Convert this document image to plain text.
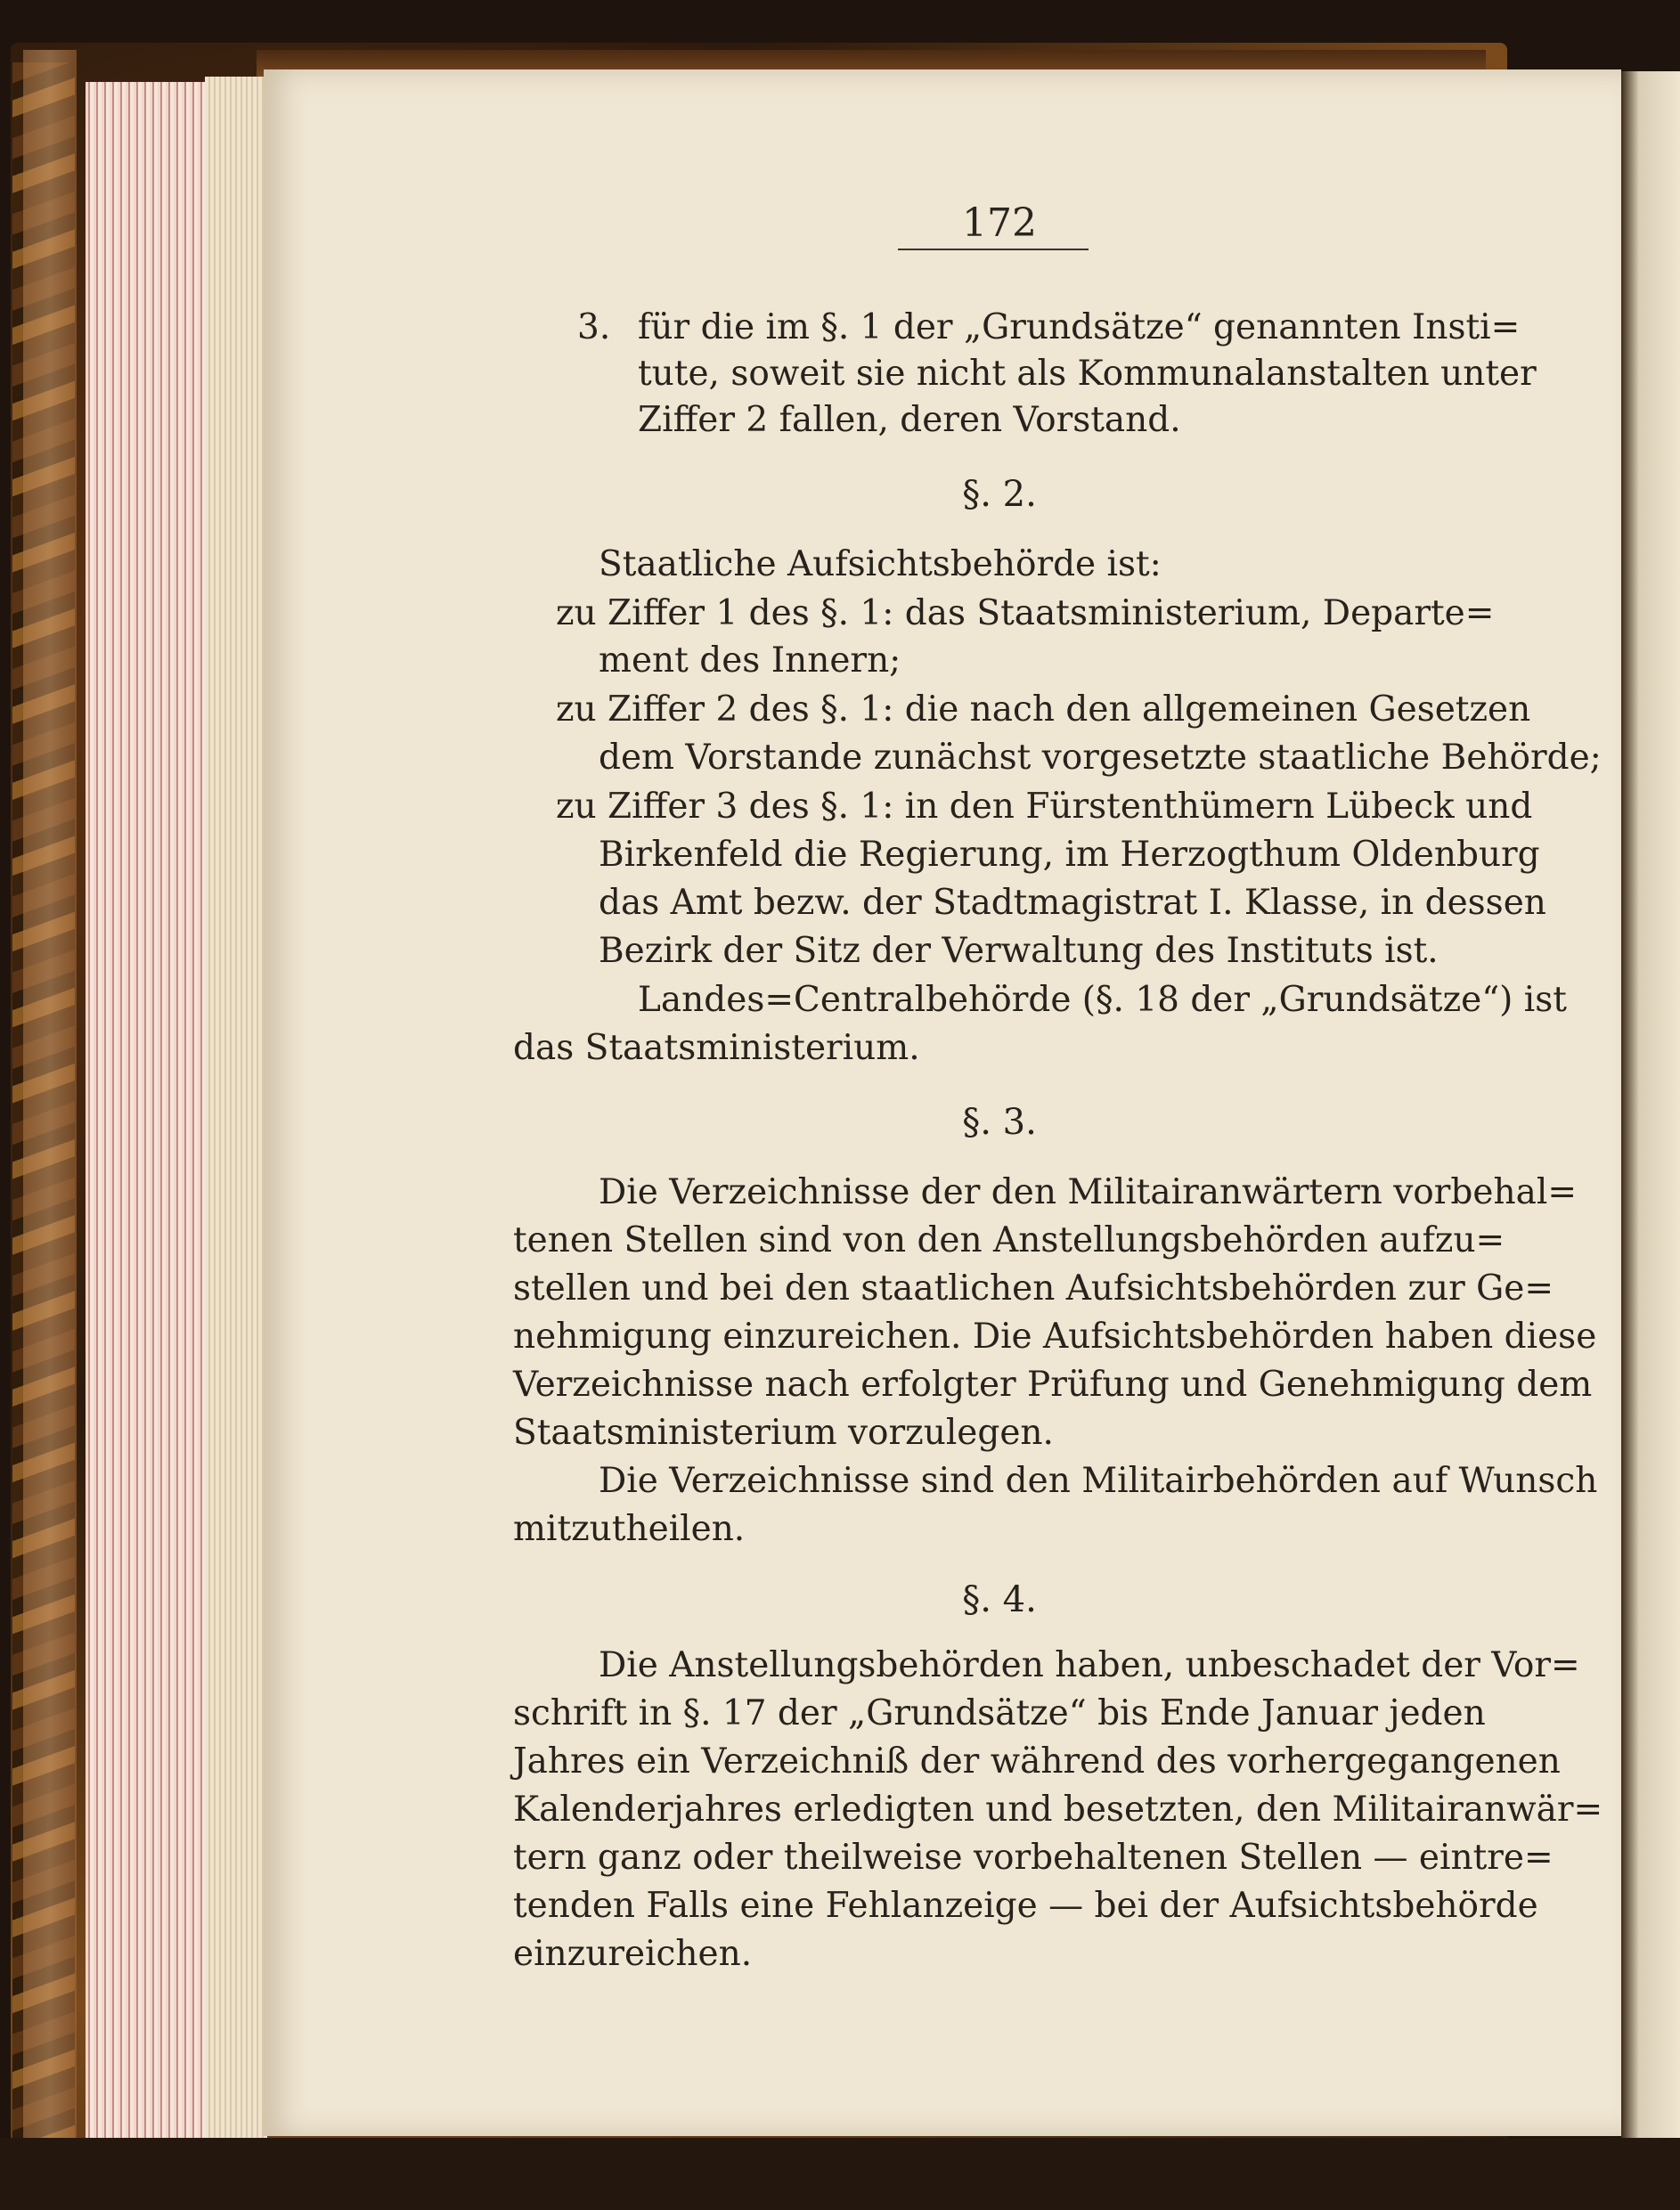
172
3. für die im §. 1 der „Grundsätze“ genannten Insti=
tute, soweit sie nicht als Kommunalanstalten unter
Ziffer 2 fallen, deren Vorstand.
§. 2.
Staatliche Aufsichtsbehörde ist:
zu Ziffer 1 des §. 1: das Staatsministerium, Departe=
ment des Innern;
zu Ziffer 2 des §. 1: die nach den allgemeinen Gesetzen
dem Vorstande zunächst vorgesetzte staatliche Behörde;
zu Ziffer 3 des §. 1: in den Fürstenthümern Lübeck und
Birkenfeld die Regierung, im Herzogthum Oldenburg
das Amt bezw. der Stadtmagistrat I. Klasse, in dessen
Bezirk der Sitz der Verwaltung des Instituts ist.
Landes=Centralbehörde (§. 18 der „Grundsätze“) ist
das Staatsministerium.
§. 3.
Die Verzeichnisse der den Militairanwärtern vorbehal=
tenen Stellen sind von den Anstellungsbehörden aufzu=
stellen und bei den staatlichen Aufsichtsbehörden zur Ge=
nehmigung einzureichen. Die Aufsichtsbehörden haben diese
Verzeichnisse nach erfolgter Prüfung und Genehmigung dem
Staatsministerium vorzulegen.
Die Verzeichnisse sind den Militairbehörden auf Wunsch
mitzutheilen.
§. 4.
Die Anstellungsbehörden haben, unbeschadet der Vor=
schrift in §. 17 der „Grundsätze“ bis Ende Januar jeden
Jahres ein Verzeichniß der während des vorhergegangenen
Kalenderjahres erledigten und besetzten, den Militairanwär=
tern ganz oder theilweise vorbehaltenen Stellen — eintre=
tenden Falls eine Fehlanzeige — bei der Aufsichtsbehörde
einzureichen.
